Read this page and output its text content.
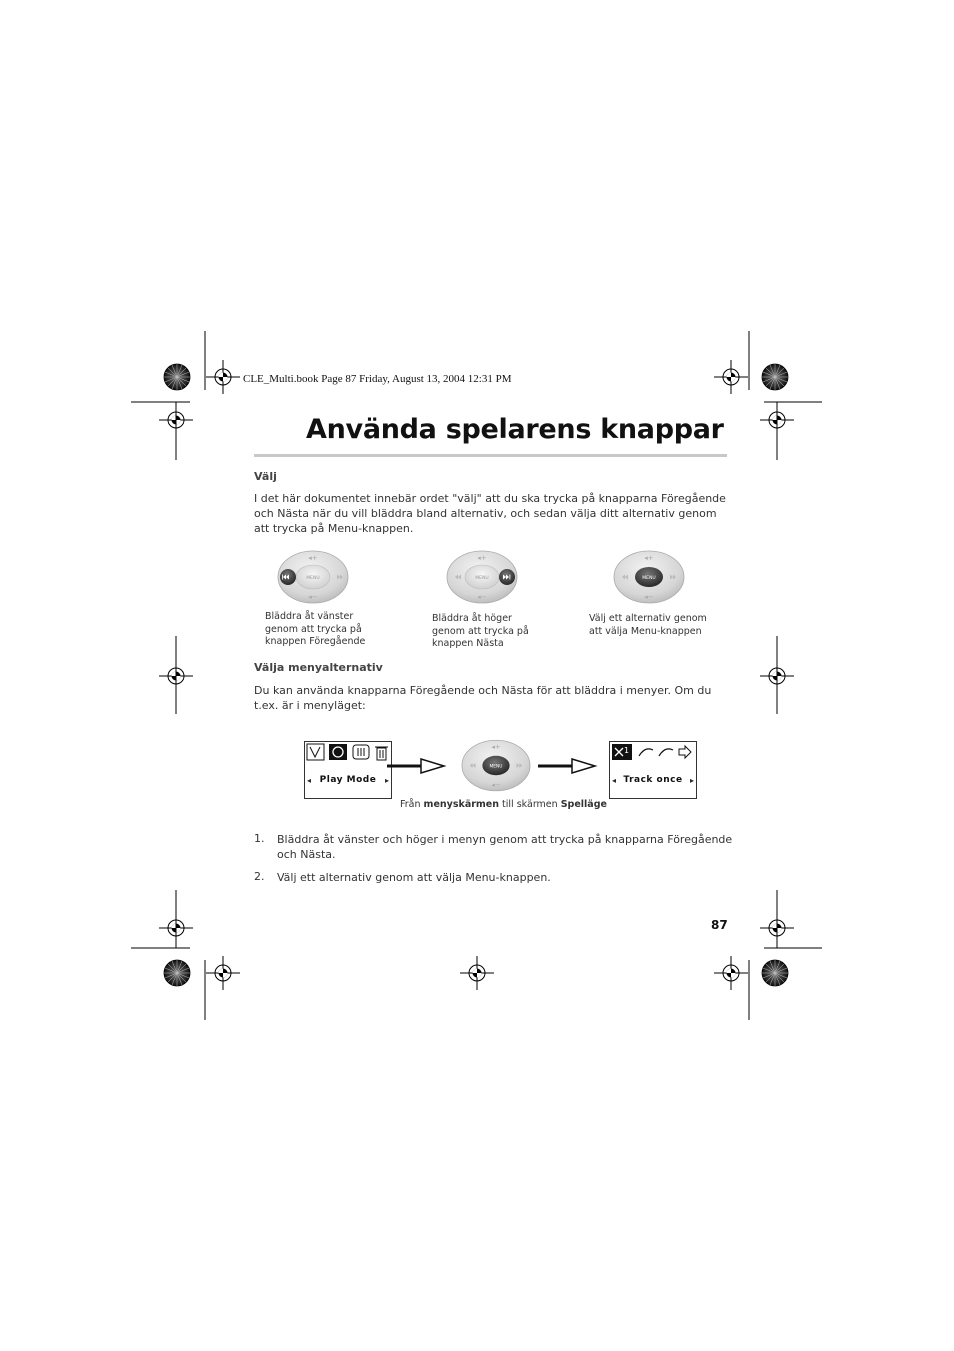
CLE_Multi.book Page 87 Friday, August 13, 2004 12:31 PM
Använda spelarens knappar
Välj
I det här dokumentet innebär ordet "välj" att du ska trycka på knapparna Föregående och Nästa när du vill bläddra bland alternativ, och sedan välja ditt alternativ genom att trycka på Menu-knappen.
MENU
◂+
◂−
MENU
◂+
◂−
MENU
◂+
◂−
Bläddra åt vänster genom att trycka på knappen Föregående
Bläddra åt höger genom att trycka på knappen Nästa
Välj ett alternativ genom att välja Menu-knappen
Välja menyalternativ
Du kan använda knapparna Föregående och Nästa för att bläddra i menyer. Om du t.ex. är i menyläget:
◂ Play Mode	▸
MENU
◂+
◂−
1
◂ Track once ▸
Från menyskärmen till skärmen Spelläge
1. Bläddra åt vänster och höger i menyn genom att trycka på knapparna Föregående och Nästa.
2. Välj ett alternativ genom att välja Menu-knappen.
87
